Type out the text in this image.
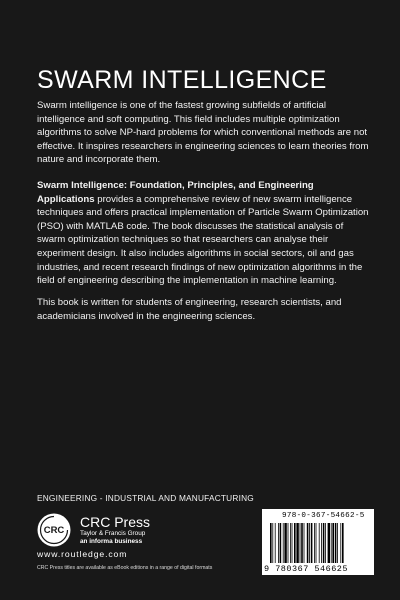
SWARM INTELLIGENCE

Swarm intelligence is one of the fastest growing subfields of artificial intelligence and soft computing. This field includes multiple optimization algorithms to solve NP-hard problems for which conventional methods are not effective. It inspires researchers in engineering sciences to learn theories from nature and incorporate them.

Swarm Intelligence: Foundation, Principles, and Engineering Applications provides a comprehensive review of new swarm intelligence techniques and offers practical implementation of Particle Swarm Optimization (PSO) with MATLAB code. The book discusses the statistical analysis of swarm optimization techniques so that researchers can analyse their experiment design. It also includes algorithms in social sectors, oil and gas industries, and recent research findings of new optimization algorithms in the field of engineering describing the implementation in machine learning.

This book is written for students of engineering, research scientists, and academicians involved in the engineering sciences.

ENGINEERING - INDUSTRIAL AND MANUFACTURING
CRC
CRC Press
Taylor & Francis Group
an informa business
www.routledge.com
CRC Press titles are available as eBook editions in a range of digital formats
978-0-367-54662-5
9 780367 546625
